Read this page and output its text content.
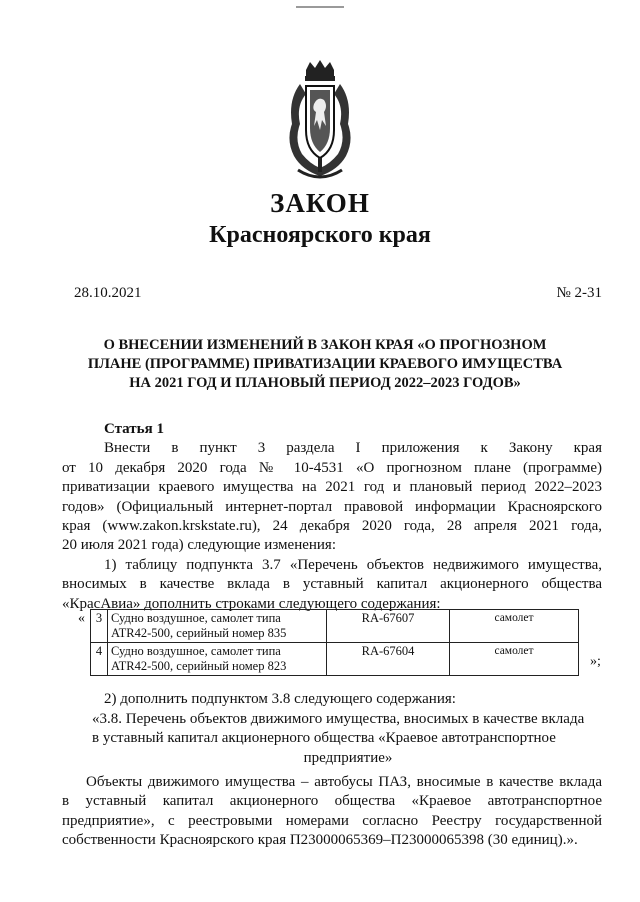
ЗАКОН
Красноярского края
28.10.2021	№ 2-31
О ВНЕСЕНИИ ИЗМЕНЕНИЙ В ЗАКОН КРАЯ «О ПРОГНОЗНОМ
ПЛАНЕ (ПРОГРАММЕ) ПРИВАТИЗАЦИИ КРАЕВОГО ИМУЩЕСТВА
НА 2021 ГОД И ПЛАНОВЫЙ ПЕРИОД 2022–2023 ГОДОВ»
Статья 1
Внести в пункт 3 раздела I приложения к Закону края
от 10 декабря 2020 года № 10-4531 «О прогнозном плане (программе)
приватизации краевого имущества на 2021 год и плановый период 2022–2023
годов» (Официальный интернет-портал правовой информации Красноярского
края (www.zakon.krskstate.ru), 24 декабря 2020 года, 28 апреля 2021 года,
20 июля 2021 года) следующие изменения:
1) таблицу подпункта 3.7 «Перечень объектов недвижимого имущества,
вносимых в качестве вклада в уставный капитал акционерного общества
«КрасАвиа» дополнить строками следующего содержания:
« 3	Судно воздушное, самолет типа
ATR42-500, серийный номер 835	RA-67607	самолет
4	Судно воздушное, самолет типа
ATR42-500, серийный номер 823	RA-67604	самолет
»;
2) дополнить подпунктом 3.8 следующего содержания:
«3.8. Перечень объектов движимого имущества, вносимых в качестве вклада
в уставный капитал акционерного общества «Краевое автотранспортное
предприятие»
Объекты движимого имущества – автобусы ПАЗ, вносимые в качестве вклада
в уставный капитал акционерного общества «Краевое автотранспортное
предприятие», с реестровыми номерами согласно Реестру государственной
собственности Красноярского края П23000065369–П23000065398 (30 единиц).».
